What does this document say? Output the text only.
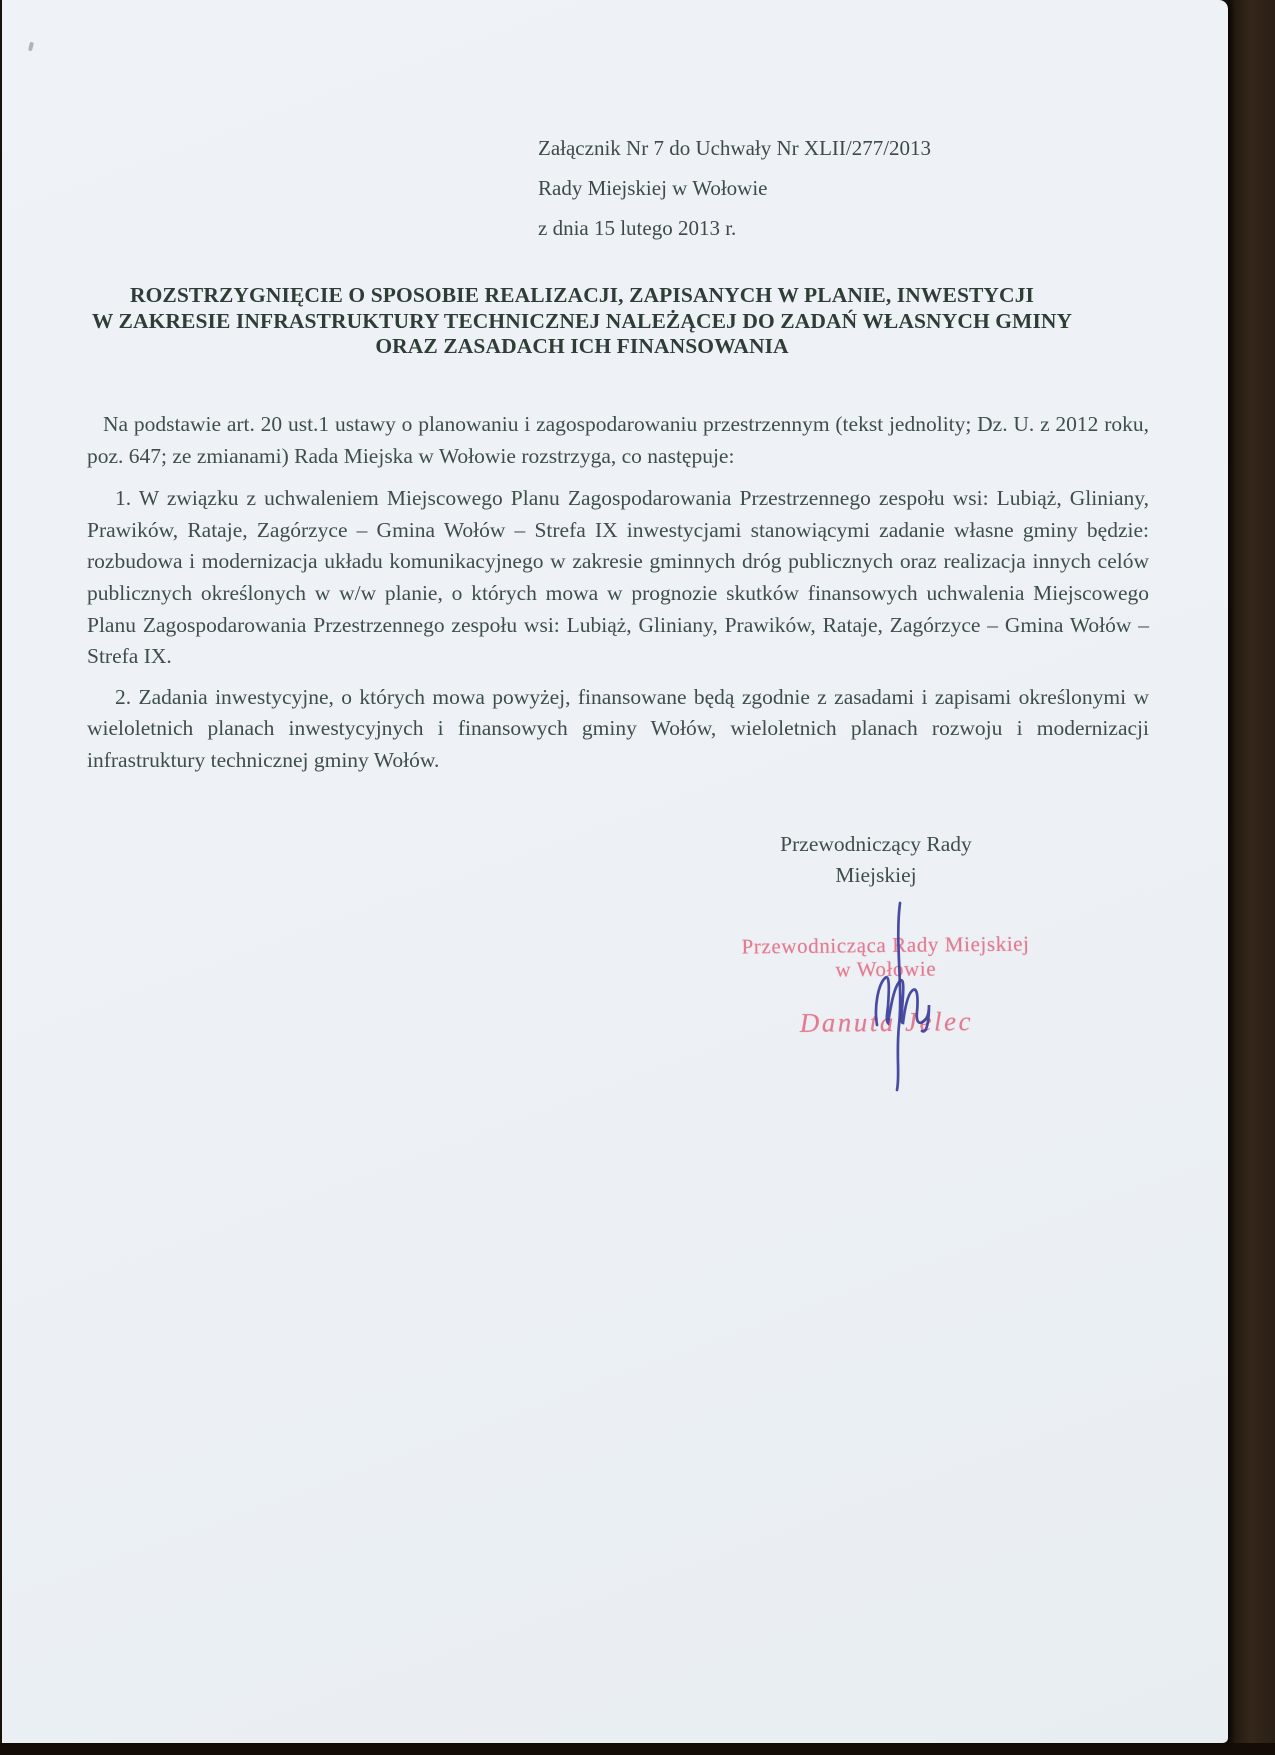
Załącznik Nr 7 do Uchwały Nr XLII/277/2013
Rady Miejskiej w Wołowie
z dnia 15 lutego 2013 r.
ROZSTRZYGNIĘCIE O SPOSOBIE REALIZACJI, ZAPISANYCH W PLANIE, INWESTYCJI
W ZAKRESIE INFRASTRUKTURY TECHNICZNEJ NALEŻĄCEJ DO ZADAŃ WŁASNYCH GMINY
ORAZ ZASADACH ICH FINANSOWANIA

Na podstawie art. 20 ust.1 ustawy o planowaniu i zagospodarowaniu przestrzennym (tekst jednolity; Dz. U. z 2012 roku, poz. 647; ze zmianami) Rada Miejska w Wołowie rozstrzyga, co następuje:

1. W związku z uchwaleniem Miejscowego Planu Zagospodarowania Przestrzennego zespołu wsi: Lubiąż, Gliniany, Prawików, Rataje, Zagórzyce – Gmina Wołów – Strefa IX inwestycjami stanowiącymi zadanie własne gminy będzie: rozbudowa i modernizacja układu komunikacyjnego w zakresie gminnych dróg publicznych oraz realizacja innych celów publicznych określonych w w/w planie, o których mowa w prognozie skutków finansowych uchwalenia Miejscowego Planu Zagospodarowania Przestrzennego zespołu wsi: Lubiąż, Gliniany, Prawików, Rataje, Zagórzyce – Gmina Wołów – Strefa IX.

2. Zadania inwestycyjne, o których mowa powyżej, finansowane będą zgodnie z zasadami i zapisami określonymi w wieloletnich planach inwestycyjnych i finansowych gminy Wołów, wieloletnich planach rozwoju i modernizacji infrastruktury technicznej gminy Wołów.

Przewodniczący Rady
Miejskiej
Przewodnicząca Rady Miejskiej
w Wołowie
Danuta Jelec
